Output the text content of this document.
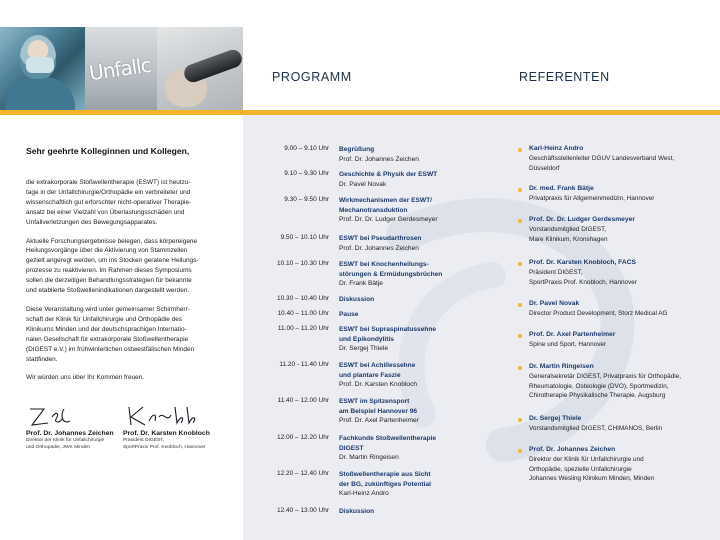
Unfallc	PROGRAMM	REFERENTEN
Sehr geehrte Kolleginnen und Kollegen,

die extrakorporale Stoßwellentherapie (ESWT) ist heutzu-
tage in der Unfallchirurgie/Orthopädie ein verbreiteter und
wissenschaftlich gut erforschter nicht-operativer Therapie-
ansatz bei einer Vielzahl von Überlastungsschäden und
Unfallverletzungen des Bewegungsapparates.

Aktuelle Forschungsergebnisse belegen, dass körpereigene
Heilungsvorgänge über die Aktivierung von Stammzellen
gezielt angeregt werden, um ins Stocken geratene Heilungs-
prozesse zu reaktivieren. Im Rahmen dieses Symposiums
sollen die derzeitigen Behandlungsstrategien für bekannte
und etablierte Stoßwellenindikationen dargestellt werden.

Diese Veranstaltung wird unter gemeinsamer Schirmherr-
schaft der Klinik für Unfallchirurgie und Orthopädie des
Klinikums Minden und der deutschsprachigen Internatio-
nalen Gesellschaft für extrakorporale Stoßwellentherapie
(DIGEST e.V.) im frühwinterlichen ostwestfälischen Minden
stattfinden.

Wir würden uns über Ihr Kommen freuen.

Prof. Dr. Johannes Zeichen
Direktor der Klinik für Unfallchirurgie
und Orthopädie, JWK Minden
Prof. Dr. Karsten Knobloch
Präsident DIGEST,
SportPraxis Prof. Knobloch, Hannover
9.00 – 9.10 Uhr Begrüßung
Prof. Dr. Johannes Zeichen
9.10 – 9.30 Uhr Geschichte & Physik der ESWT
Dr. Pavel Novak
9.30 – 9.50 Uhr Wirkmechanismen der ESWT/
Mechanotransduktion
Prof. Dr. Dr. Ludger Gerdesmeyer
9.50 – 10.10 Uhr ESWT bei Pseudarthrosen
Prof. Dr. Johannes Zeichen
10.10 – 10.30 Uhr ESWT bei Knochenheilungs-
störungen & Ermüdungsbrüchen
Dr. Frank Bätje
10.30 – 10.40 Uhr Diskussion
10.40 – 11.00 Uhr Pause
11.00 – 11.20 Uhr ESWT bei Supraspinatussehne
und Epikondylitis
Dr. Sergej Thiele
11.20 - 11.40 Uhr ESWT bei Achillessehne
und plantare Faszie
Prof. Dr. Karsten Knobloch
11.40 – 12.00 Uhr ESWT im Spitzensport
am Beispiel Hannover 96
Prof. Dr. Axel Partenheimer
12.00 – 12.20 Uhr Fachkunde Stoßwellentherapie
DIGEST
Dr. Martin Ringeisen
12.20 – 12.40 Uhr Stoßwellentherapie aus Sicht
der BG, zukünftiges Potential
Karl-Heinz Andro
12.40 – 13.00 Uhr Diskussion
Karl-Heinz Andro
Geschäftsstellenleiter DGUV Landesverband West,
Düsseldorf
Dr. med. Frank Bätje
Privatpraxis für Allgemeinmedizin, Hannover
Prof. Dr. Dr. Ludger Gerdesmeyer
Vorstandsmitglied DIGEST,
Mare Klinikum, Kronshagen
Prof. Dr. Karsten Knobloch, FACS
Präsident DIGEST,
SportPraxis Prof. Knobloch, Hannover
Dr. Pavel Novak
Director Product Development, Storz Medical AG
Prof. Dr. Axel Partenheimer
Spine und Sport, Hannover
Dr. Martin Ringeisen
Generalsekretär DIGEST, Privatpraxis für Orthopädie,
Rheumatologie, Osteologie (DVO), Sportmedizin,
Chirotherapie Physikalische Therapie, Augsburg
Dr. Sergej Thiele
Vorstandsmitglied DIGEST, CHIMANOS, Berlin
Prof. Dr. Johannes Zeichen
Direktor der Klinik für Unfallchirurgie und
Orthopädie, spezielle Unfallchirurgie
Johannes Wesling Klinikum Minden, Minden
